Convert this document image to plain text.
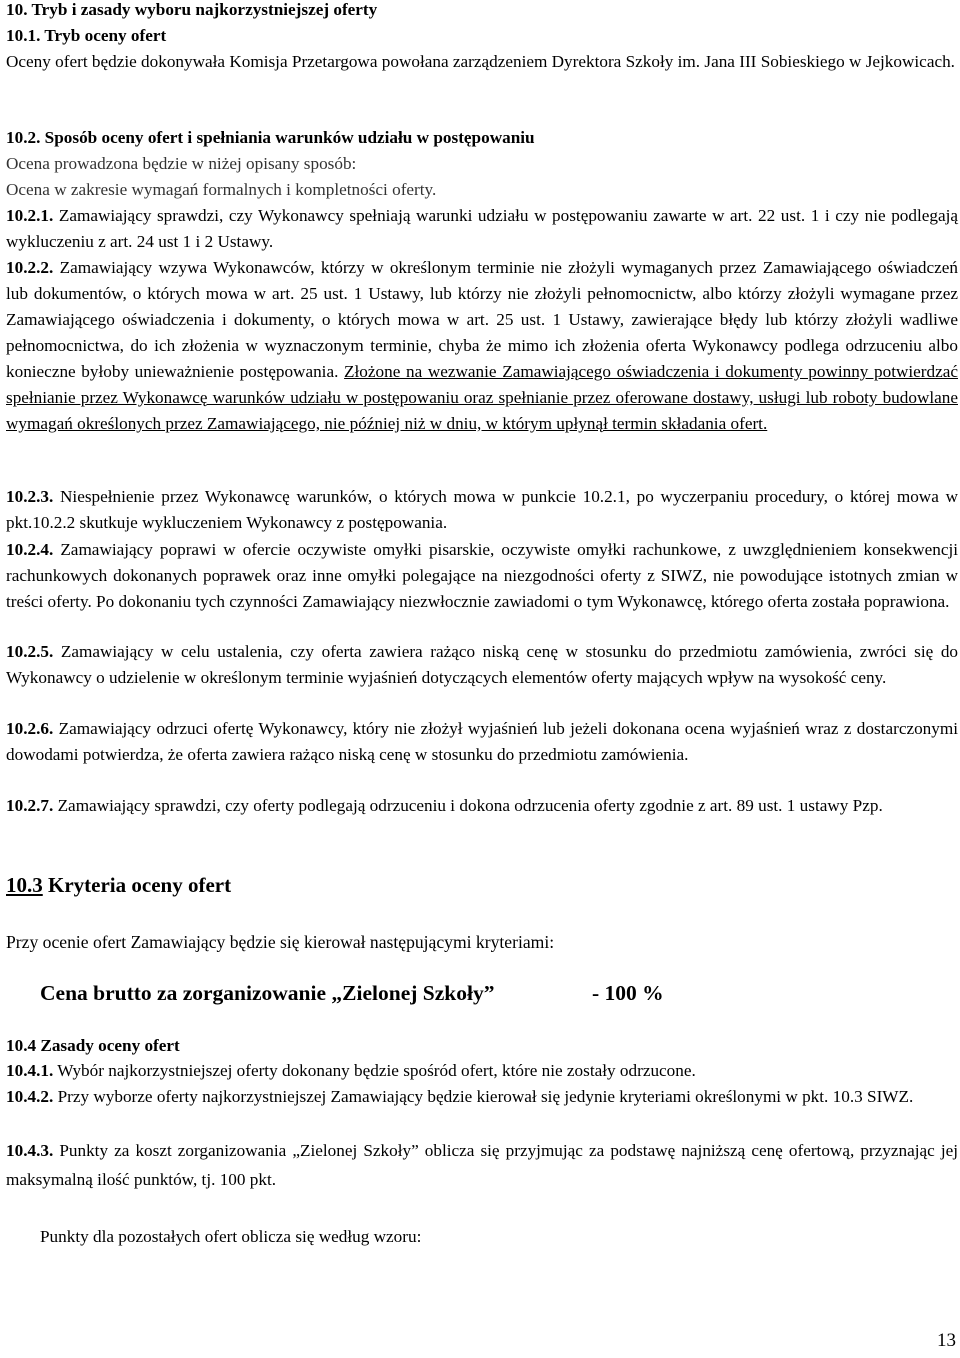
10. Tryb i zasady wyboru najkorzystniejszej oferty
10.1. Tryb oceny ofert
Oceny ofert będzie dokonywała Komisja Przetargowa powołana zarządzeniem Dyrektora Szkoły im. Jana III Sobieskiego w Jejkowicach.
10.2. Sposób oceny ofert i spełniania warunków udziału w postępowaniu
Ocena prowadzona będzie w niżej opisany sposób:
Ocena w zakresie wymagań formalnych i kompletności oferty.
10.2.1. Zamawiający sprawdzi, czy Wykonawcy spełniają warunki udziału w postępowaniu zawarte w art. 22 ust. 1 i czy nie podlegają wykluczeniu z art. 24 ust 1 i 2 Ustawy.
10.2.2. Zamawiający wzywa Wykonawców, którzy w określonym terminie nie złożyli wymaganych przez Zamawiającego oświadczeń lub dokumentów, o których mowa w art. 25 ust. 1 Ustawy, lub którzy nie złożyli pełnomocnictw, albo którzy złożyli wymagane przez Zamawiającego oświadczenia i dokumenty, o których mowa w art. 25 ust. 1 Ustawy, zawierające błędy lub którzy złożyli wadliwe pełnomocnictwa, do ich złożenia w wyznaczonym terminie, chyba że mimo ich złożenia oferta Wykonawcy podlega odrzuceniu albo konieczne byłoby unieważnienie postępowania. Złożone na wezwanie Zamawiającego oświadczenia i dokumenty powinny potwierdzać spełnianie przez Wykonawcę warunków udziału w postępowaniu oraz spełnianie przez oferowane dostawy, usługi lub roboty budowlane wymagań określonych przez Zamawiającego, nie później niż w dniu, w którym upłynął termin składania ofert.
10.2.3. Niespełnienie przez Wykonawcę warunków, o których mowa w punkcie 10.2.1, po wyczerpaniu procedury, o której mowa w pkt.10.2.2 skutkuje wykluczeniem Wykonawcy z postępowania.
10.2.4. Zamawiający poprawi w ofercie oczywiste omyłki pisarskie, oczywiste omyłki rachunkowe, z uwzględnieniem konsekwencji rachunkowych dokonanych poprawek oraz inne omyłki polegające na niezgodności oferty z SIWZ, nie powodujące istotnych zmian w treści oferty. Po dokonaniu tych czynności Zamawiający niezwłocznie zawiadomi o tym Wykonawcę, którego oferta została poprawiona.
10.2.5. Zamawiający w celu ustalenia, czy oferta zawiera rażąco niską cenę w stosunku do przedmiotu zamówienia, zwróci się do Wykonawcy o udzielenie w określonym terminie wyjaśnień dotyczących elementów oferty mających wpływ na wysokość ceny.
10.2.6. Zamawiający odrzuci ofertę Wykonawcy, który nie złożył wyjaśnień lub jeżeli dokonana ocena wyjaśnień wraz z dostarczonymi dowodami potwierdza, że oferta zawiera rażąco niską cenę w stosunku do przedmiotu zamówienia.
10.2.7. Zamawiający sprawdzi, czy oferty podlegają odrzuceniu i dokona odrzucenia oferty zgodnie z art. 89 ust. 1 ustawy Pzp.
10.3 Kryteria oceny ofert
Przy ocenie ofert Zamawiający będzie się kierował następującymi kryteriami:
Cena brutto za zorganizowanie „Zielonej Szkoły”	- 100 %
10.4 Zasady oceny ofert
10.4.1. Wybór najkorzystniejszej oferty dokonany będzie spośród ofert, które nie zostały odrzucone.
10.4.2. Przy wyborze oferty najkorzystniejszej Zamawiający będzie kierował się jedynie kryteriami określonymi w pkt. 10.3 SIWZ.
10.4.3. Punkty za koszt zorganizowania „Zielonej Szkoły” oblicza się przyjmując za podstawę najniższą cenę ofertową, przyznając jej maksymalną ilość punktów, tj. 100 pkt.
Punkty dla pozostałych ofert oblicza się według wzoru:
13
